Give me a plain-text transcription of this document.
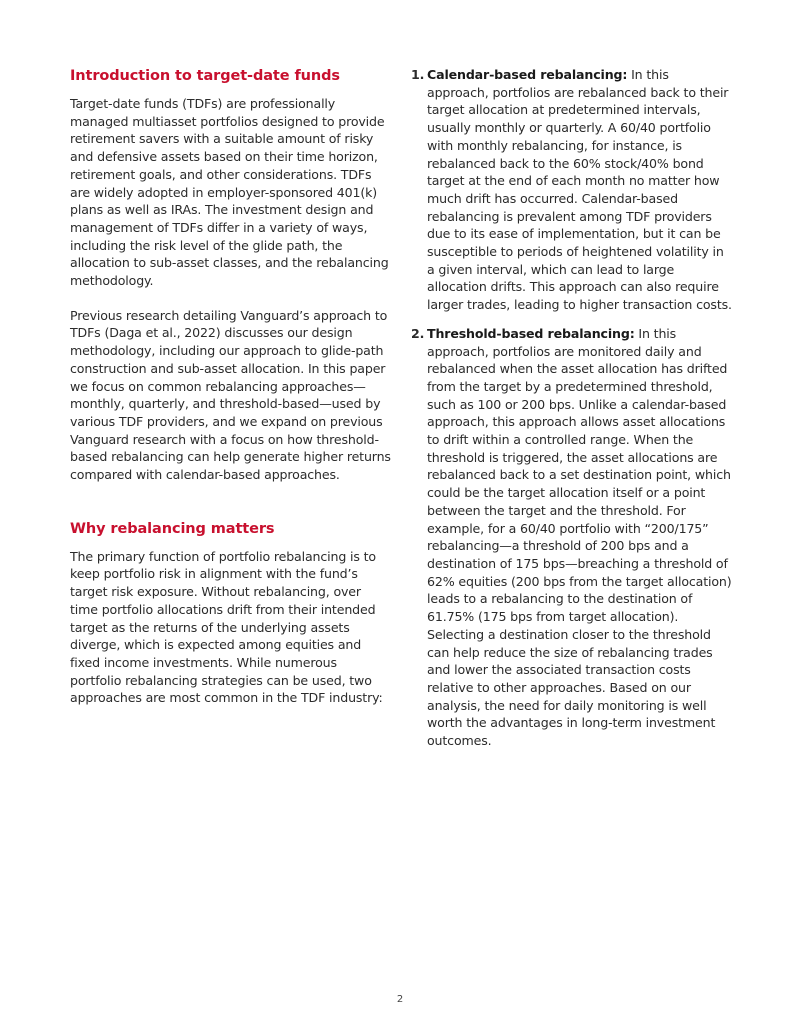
Introduction to target-date funds

Target-date funds (TDFs) are professionally managed multiasset portfolios designed to provide retirement savers with a suitable amount of risky and defensive assets based on their time horizon, retirement goals, and other considerations. TDFs are widely adopted in employer-sponsored 401(k) plans as well as IRAs. The investment design and management of TDFs differ in a variety of ways, including the risk level of the glide path, the allocation to sub-asset classes, and the rebalancing methodology.

Previous research detailing Vanguard’s approach to TDFs (Daga et al., 2022) discusses our design methodology, including our approach to glide-path construction and sub-asset allocation. In this paper we focus on common rebalancing approaches—monthly, quarterly, and threshold-based—used by various TDF providers, and we expand on previous Vanguard research with a focus on how threshold-based rebalancing can help generate higher returns compared with calendar-based approaches.

Why rebalancing matters

The primary function of portfolio rebalancing is to keep portfolio risk in alignment with the fund’s target risk exposure. Without rebalancing, over time portfolio allocations drift from their intended target as the returns of the underlying assets diverge, which is expected among equities and fixed income investments. While numerous portfolio rebalancing strategies can be used, two approaches are most common in the TDF industry:

1. Calendar-based rebalancing: In this approach, portfolios are rebalanced back to their target allocation at predetermined intervals, usually monthly or quarterly. A 60/40 portfolio with monthly rebalancing, for instance, is rebalanced back to the 60% stock/40% bond target at the end of each month no matter how much drift has occurred. Calendar-based rebalancing is prevalent among TDF providers due to its ease of implementation, but it can be susceptible to periods of heightened volatility in a given interval, which can lead to large allocation drifts. This approach can also require larger trades, leading to higher transaction costs.
2. Threshold-based rebalancing: In this approach, portfolios are monitored daily and rebalanced when the asset allocation has drifted from the target by a predetermined threshold, such as 100 or 200 bps. Unlike a calendar-based approach, this approach allows asset allocations to drift within a controlled range. When the threshold is triggered, the asset allocations are rebalanced back to a set destination point, which could be the target allocation itself or a point between the target and the threshold. For example, for a 60/40 portfolio with “200/175” rebalancing—a threshold of 200 bps and a destination of 175 bps—breaching a threshold of 62% equities (200 bps from the target allocation) leads to a rebalancing to the destination of 61.75% (175 bps from target allocation). Selecting a destination closer to the threshold can help reduce the size of rebalancing trades and lower the associated transaction costs relative to other approaches. Based on our analysis, the need for daily monitoring is well worth the advantages in long-term investment outcomes.
2
